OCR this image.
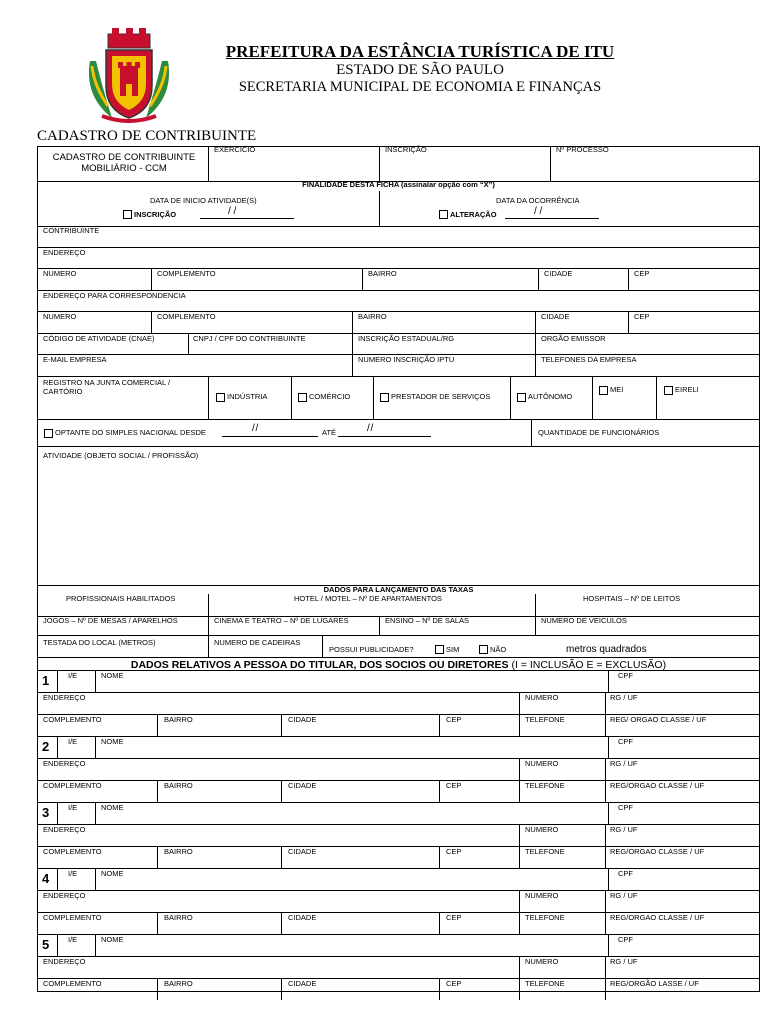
PREFEITURA DA ESTÂNCIA TURÍSTICA DE ITU
ESTADO DE SÃO PAULO
SECRETARIA MUNICIPAL DE ECONOMIA E FINANÇAS
CADASTRO DE CONTRIBUINTE
CADASTRO DE CONTRIBUINTE
MOBILIÁRIO - CCM
EXERCICIO	INSCRIÇÃO	Nº PROCESSO
FINALIDADE DESTA FICHA (assinalar opção com “X”)
DATA DE INICIO ATIVIDADE(S)
INSCRIÇÃO	/ /
DATA DA OCORRÊNCIA
ALTERAÇÃO	/ /
CONTRIBUINTE
ENDEREÇO
NUMERO	COMPLEMENTO	BAIRRO	CIDADE	CEP
ENDEREÇO PARA CORRESPONDENCIA
NUMERO	COMPLEMENTO	BAIRRO	CIDADE	CEP
CÓDIGO DE ATIVIDADE (CNAE)	CNPJ / CPF DO CONTRIBUINTE	INSCRIÇÃO ESTADUAL/RG	ORGÃO EMISSOR
E-MAIL EMPRESA	NUMERO INSCRIÇÃO IPTU	TELEFONES DA EMPRESA
REGISTRO NA JUNTA COMERCIAL / CARTÓRIO
INDÚSTRIA	COMÉRCIO	PRESTADOR DE SERVIÇOS	AUTÔNOMO
MEI	EIRELI
OPTANTE DO SIMPLES NACIONAL DESDE	/ /	ATÉ	/ /	QUANTIDADE DE FUNCIONÁRIOS
ATIVIDADE (OBJETO SOCIAL / PROFISSÃO)
DADOS PARA LANÇAMENTO DAS TAXAS
PROFISSIONAIS HABILITADOS	HOTEL / MOTEL – Nº DE APARTAMENTOS	HOSPITAIS – Nº DE LEITOS
JOGOS – Nº DE MESAS / APARELHOS	CINEMA E TEATRO – Nº DE LUGARES	ENSINO – Nº DE SALAS	NUMERO DE VEICULOS
TESTADA DO LOCAL (METROS)	NUMERO DE CADEIRAS
POSSUI PUBLICIDADE?	SIM	NÃO	metros quadrados
DADOS RELATIVOS A PESSOA DO TITULAR, DOS SOCIOS OU DIRETORES (I = INCLUSÃO E = EXCLUSÃO)
1	I/E	NOME	CPF
ENDEREÇO	NUMERO	RG / UF
COMPLEMENTO	BAIRRO	CIDADE	CEP	TELEFONE	REG/ ORGAO CLASSE / UF
2	I/E	NOME	CPF
ENDEREÇO	NUMERO	RG / UF
COMPLEMENTO	BAIRRO	CIDADE	CEP	TELEFONE	REG/ORGAO CLASSE / UF
3	I/E	NOME	CPF
ENDEREÇO	NUMERO	RG / UF
COMPLEMENTO	BAIRRO	CIDADE	CEP	TELEFONE	REG/ORGAO CLASSE / UF
4	I/E	NOME	CPF
ENDEREÇO	NUMERO	RG / UF
COMPLEMENTO	BAIRRO	CIDADE	CEP	TELEFONE	REG/ORGAO CLASSE / UF
5	I/E	NOME	CPF
ENDEREÇO	NUMERO	RG / UF
COMPLEMENTO	BAIRRO	CIDADE	CEP	TELEFONE	REG/ORGÃO LASSE / UF
